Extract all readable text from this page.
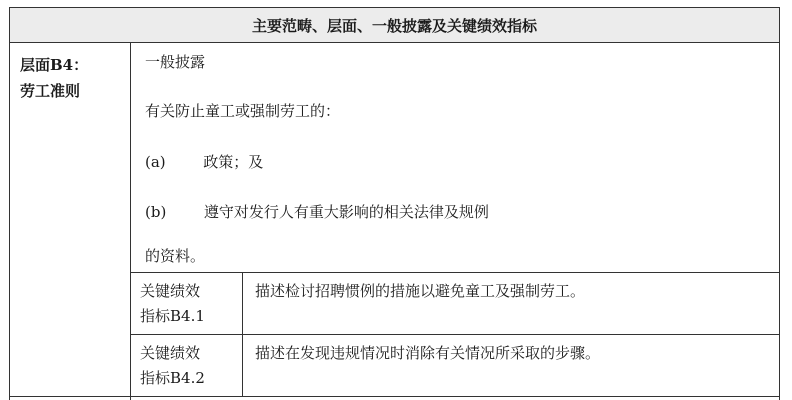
主要范畴、层面、一般披露及关键绩效指标
层面B4：
劳工准则
一般披露
有关防止童工或强制劳工的：
(a)	政策；及
(b)	遵守对发行人有重大影响的相关法律及规例
的资料。
关键绩效
指标B4.1
描述检讨招聘惯例的措施以避免童工及强制劳工。
关键绩效
指标B4.2
描述在发现违规情况时消除有关情况所采取的步骤。
